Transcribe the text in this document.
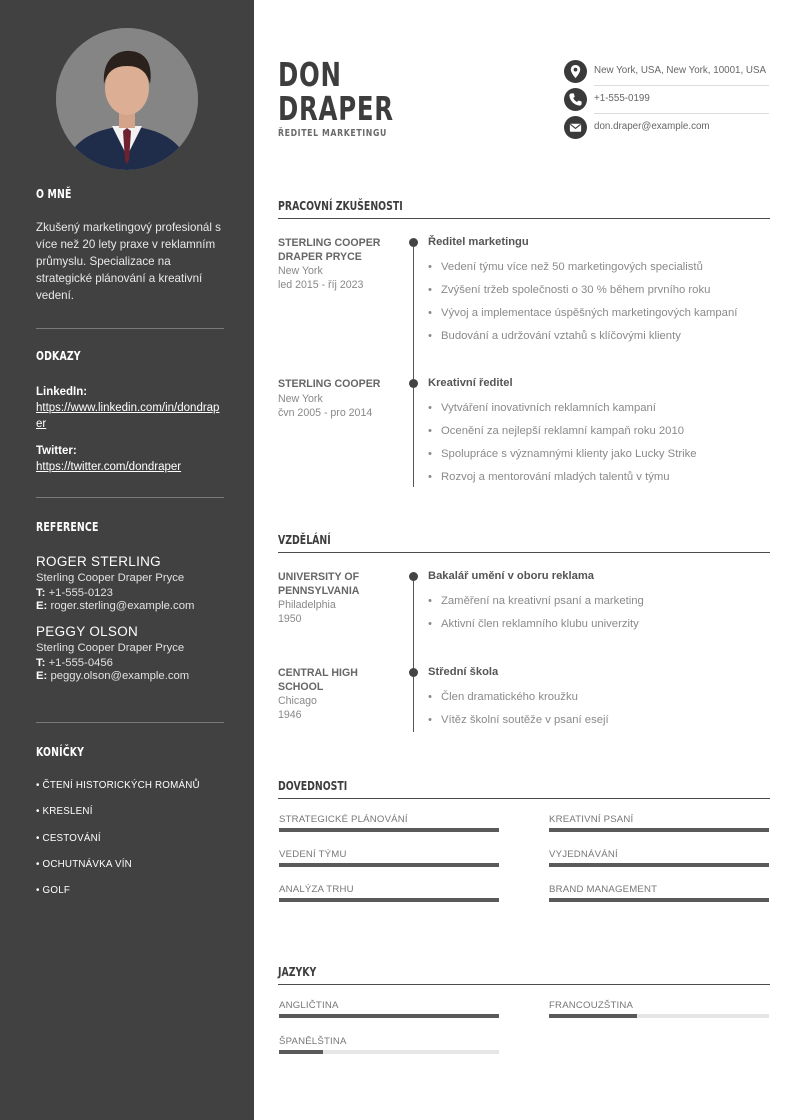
O MNĚ
Zkušený marketingový profesionál s více než 20 lety praxe v reklamním průmyslu. Specializace na strategické plánování a kreativní vedení.
ODKAZY
LinkedIn:
https://www.linkedin.com/in/dondraper
Twitter:
https://twitter.com/dondraper
REFERENCE
ROGER STERLING
Sterling Cooper Draper Pryce
T: +1-555-0123
E: roger.sterling@example.com
PEGGY OLSON
Sterling Cooper Draper Pryce
T: +1-555-0456
E: peggy.olson@example.com
KONÍČKY
• ČTENÍ HISTORICKÝCH ROMÁNŮ
• KRESLENÍ
• CESTOVÁNÍ
• OCHUTNÁVKA VÍN
• GOLF
DON
DRAPER
ŘEDITEL MARKETINGU
New York, USA, New York, 10001, USA
+1-555-0199
don.draper@example.com
PRACOVNÍ ZKUŠENOSTI
STERLING COOPER
DRAPER PRYCE
New York
led 2015 - říj 2023
Ředitel marketingu
• Vedení týmu více než 50 marketingových specialistů
• Zvýšení tržeb společnosti o 30 % během prvního roku
• Vývoj a implementace úspěšných marketingových kampaní
• Budování a udržování vztahů s klíčovými klienty
STERLING COOPER
New York
čvn 2005 - pro 2014
Kreativní ředitel
• Vytváření inovativních reklamních kampaní
• Ocenění za nejlepší reklamní kampaň roku 2010
• Spolupráce s významnými klienty jako Lucky Strike
• Rozvoj a mentorování mladých talentů v týmu
VZDĚLÁNÍ
UNIVERSITY OF
PENNSYLVANIA
Philadelphia
1950
Bakalář umění v oboru reklama
• Zaměření na kreativní psaní a marketing
• Aktivní člen reklamního klubu univerzity
CENTRAL HIGH
SCHOOL
Chicago
1946
Střední škola
• Člen dramatického kroužku
• Vítěz školní soutěže v psaní esejí
DOVEDNOSTI
STRATEGICKÉ PLÁNOVÁNÍ	KREATIVNÍ PSANÍ
VEDENÍ TÝMU	VYJEDNÁVÁNÍ
ANALÝZA TRHU	BRAND MANAGEMENT
JAZYKY
ANGLIČTINA	FRANCOUZŠTINA
ŠPANĚLŠTINA
